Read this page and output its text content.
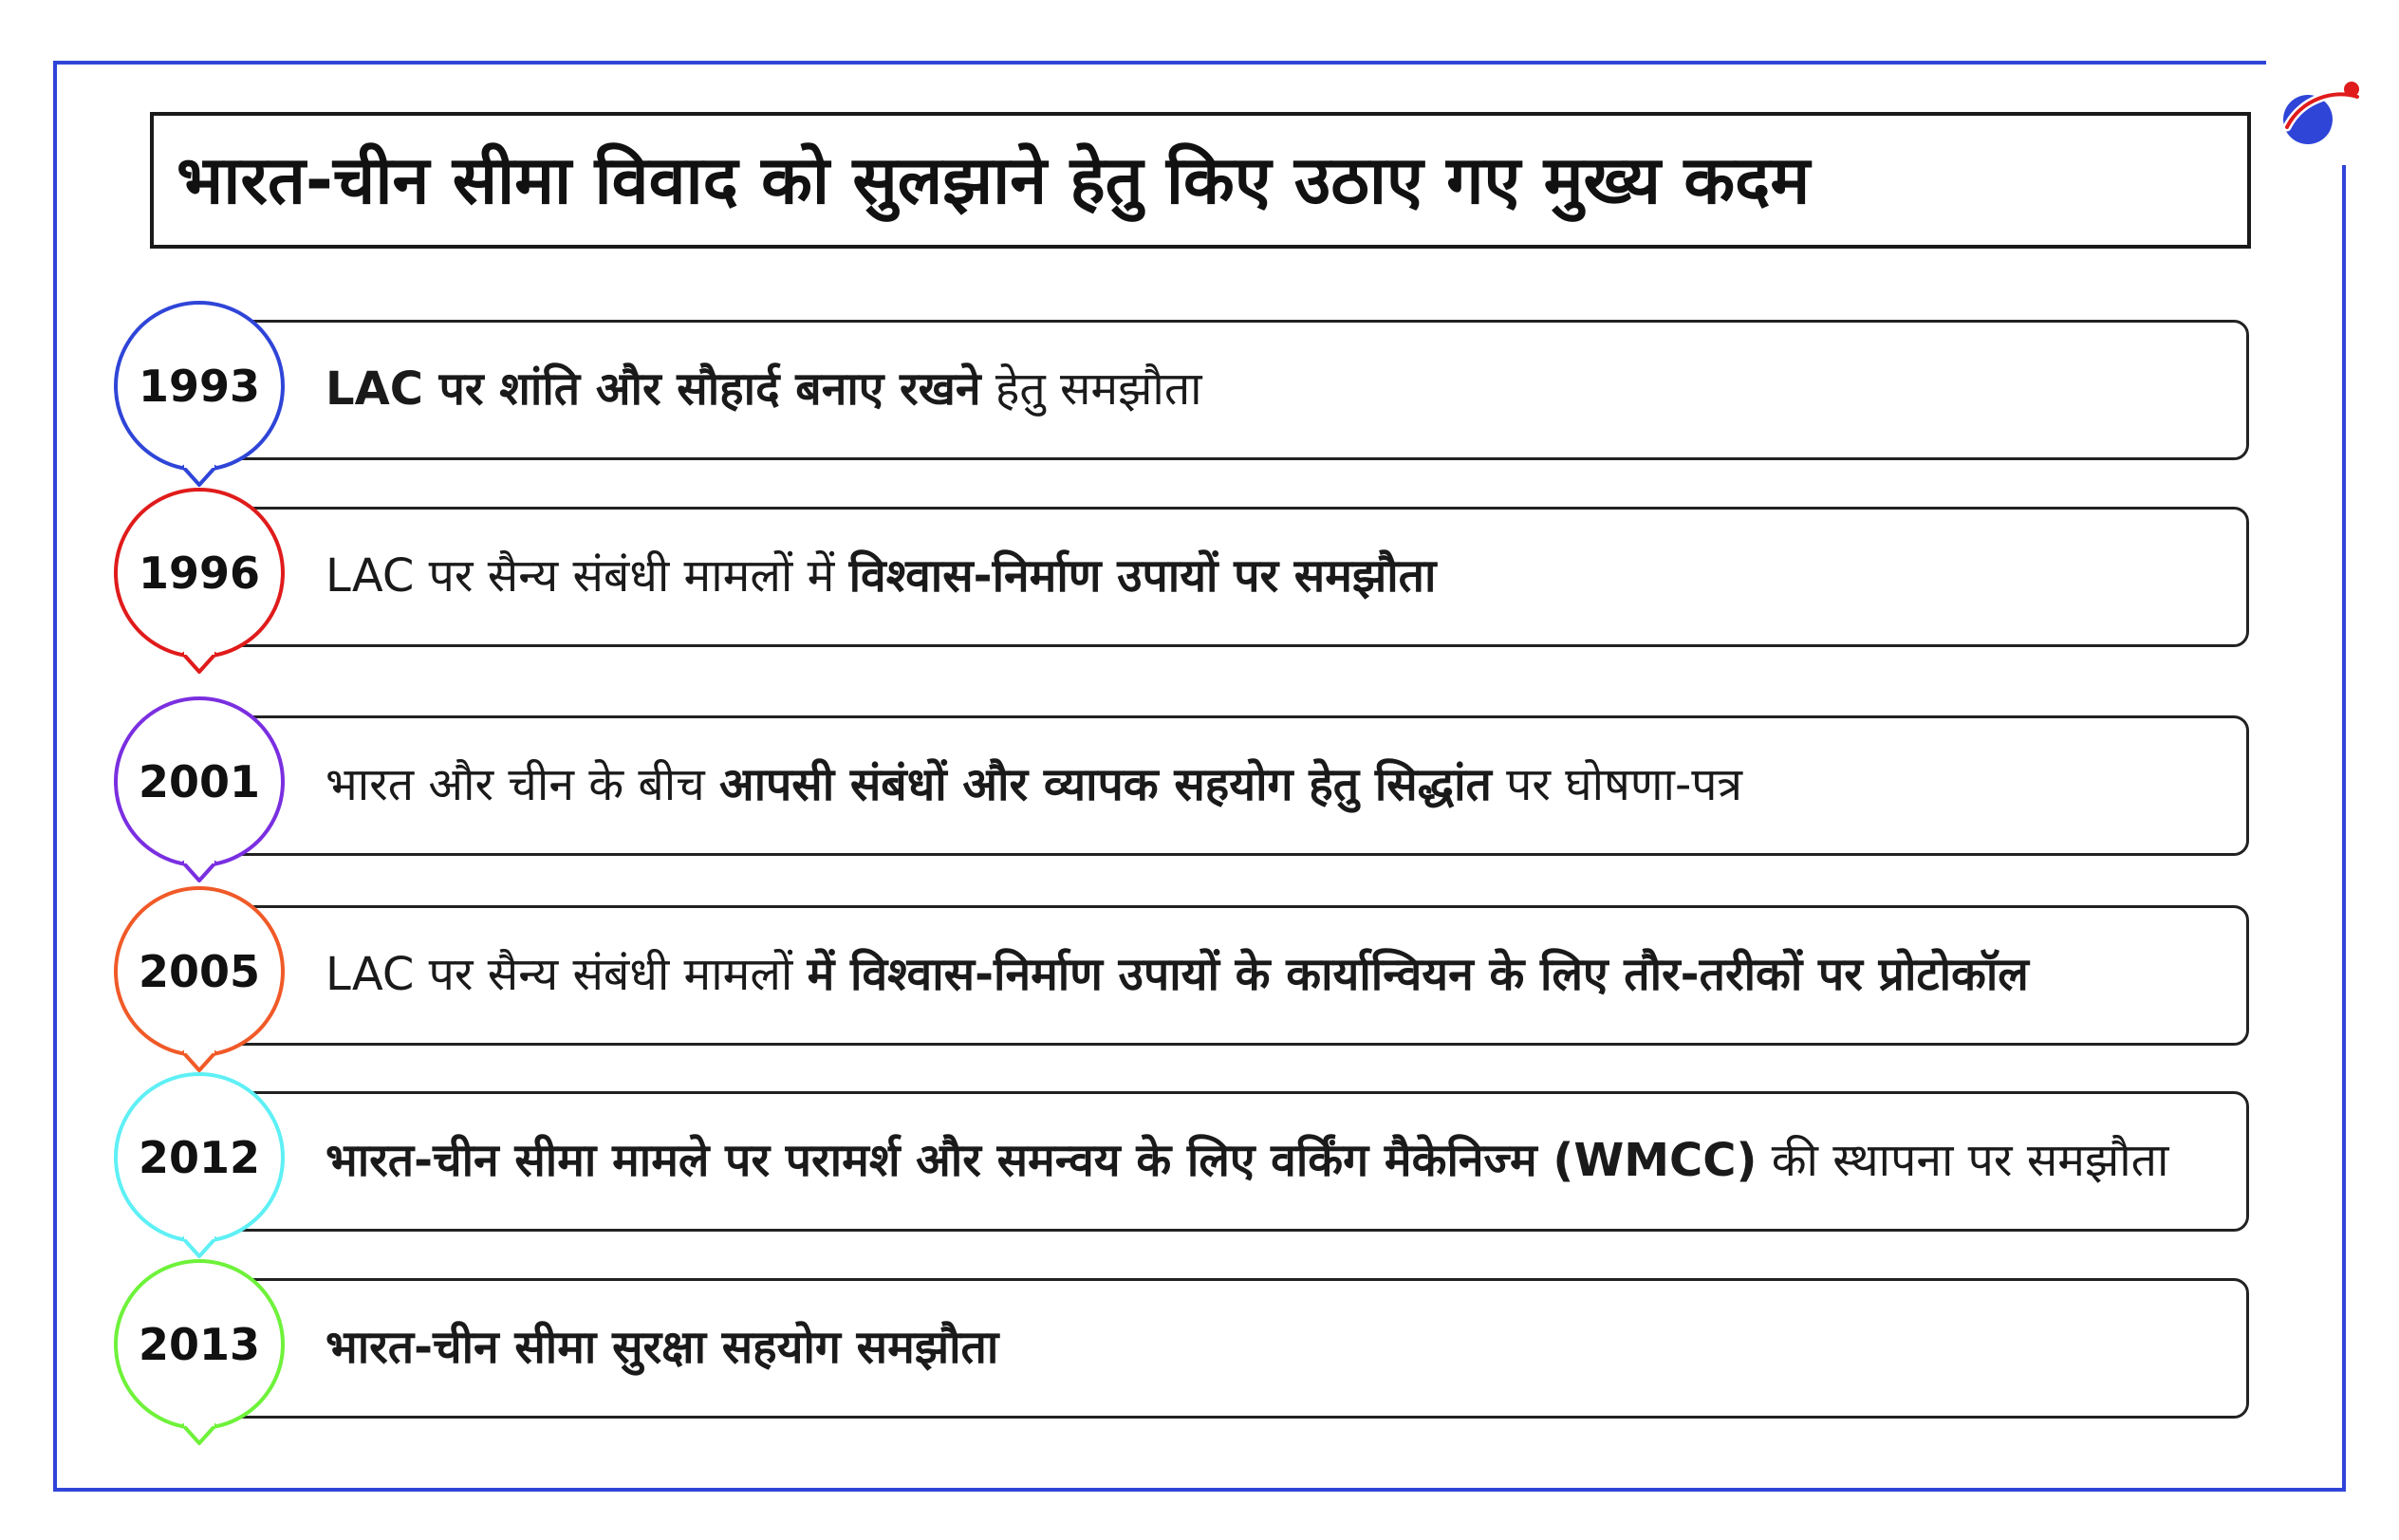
भारत-चीन सीमा विवाद को सुलझाने हेतु किए उठाए गए मुख्य कदम
LAC पर शांति और सौहार्द बनाए रखने हेतु समझौता
1993
LAC पर सैन्य संबंधी मामलों में विश्वास-निर्माण उपायों पर समझौता
1996
भारत और चीन के बीच आपसी संबंधों और व्यापक सहयोग हेतु सिद्धांत पर घोषणा-पत्र
2001
LAC पर सैन्य संबंधी मामलों में विश्वास-निर्माण उपायों के कार्यान्वियन के लिए तौर-तरीकों पर प्रोटोकॉल
2005
भारत-चीन सीमा मामले पर परामर्श और समन्वय के लिए वर्किंग मैकेनिज्म (WMCC) की स्थापना पर समझौता
2012
भारत-चीन सीमा सुरक्षा सहयोग समझौता
2013
